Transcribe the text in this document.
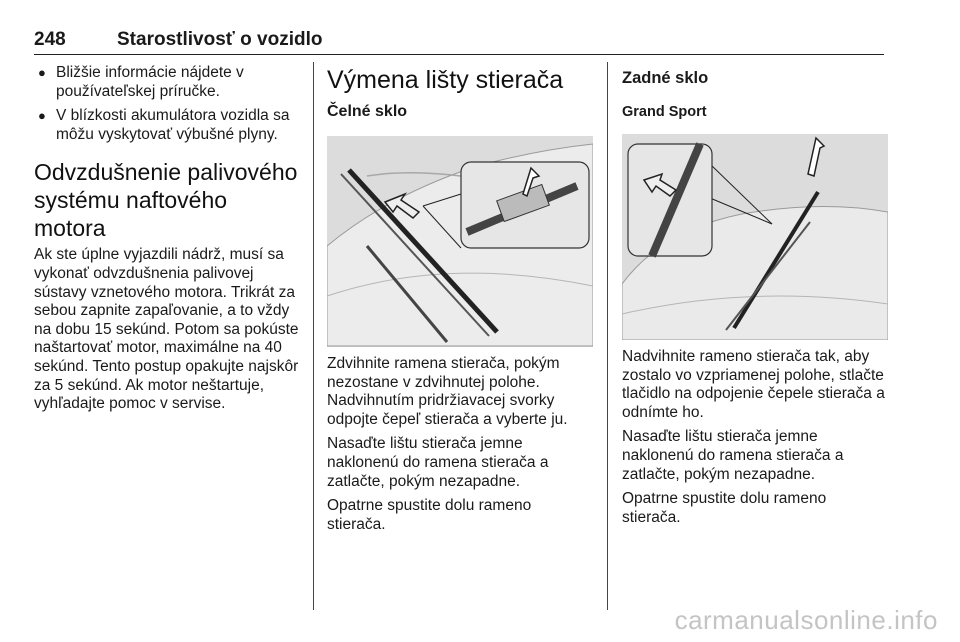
248	Starostlivosť o vozidlo
● Bližšie informácie nájdete v používateľskej príručke.
● V blízkosti akumulátora vozidla sa môžu vyskytovať výbušné plyny.
Odvzdušnenie palivového systému naftového motora

Ak ste úplne vyjazdili nádrž, musí sa vykonať odvzdušnenia palivovej sústavy vznetového motora. Trikrát za sebou zapnite zapaľovanie, a to vždy na dobu 15 sekúnd. Potom sa pokúste naštartovať motor, maximálne na 40 sekúnd. Tento postup opakujte najskôr za 5 sekúnd. Ak motor neštartuje, vyhľadajte pomoc v servise.

Výmena lišty stierača
Čelné sklo

Zdvihnite ramena stierača, pokým nezostane v zdvihnutej polohe. Nadvihnutím pridržiavacej svorky odpojte čepeľ stierača a vyberte ju.

Nasaďte lištu stierača jemne naklonenú do ramena stierača a zatlačte, pokým nezapadne.

Opatrne spustite dolu rameno stierača.

Zadné sklo
Grand Sport

Nadvihnite rameno stierača tak, aby zostalo vo vzpriamenej polohe, stlačte tlačidlo na odpojenie čepele stierača a odnímte ho.

Nasaďte lištu stierača jemne naklonenú do ramena stierača a zatlačte, pokým nezapadne.

Opatrne spustite dolu rameno stierača.

carmanualsonline.info
